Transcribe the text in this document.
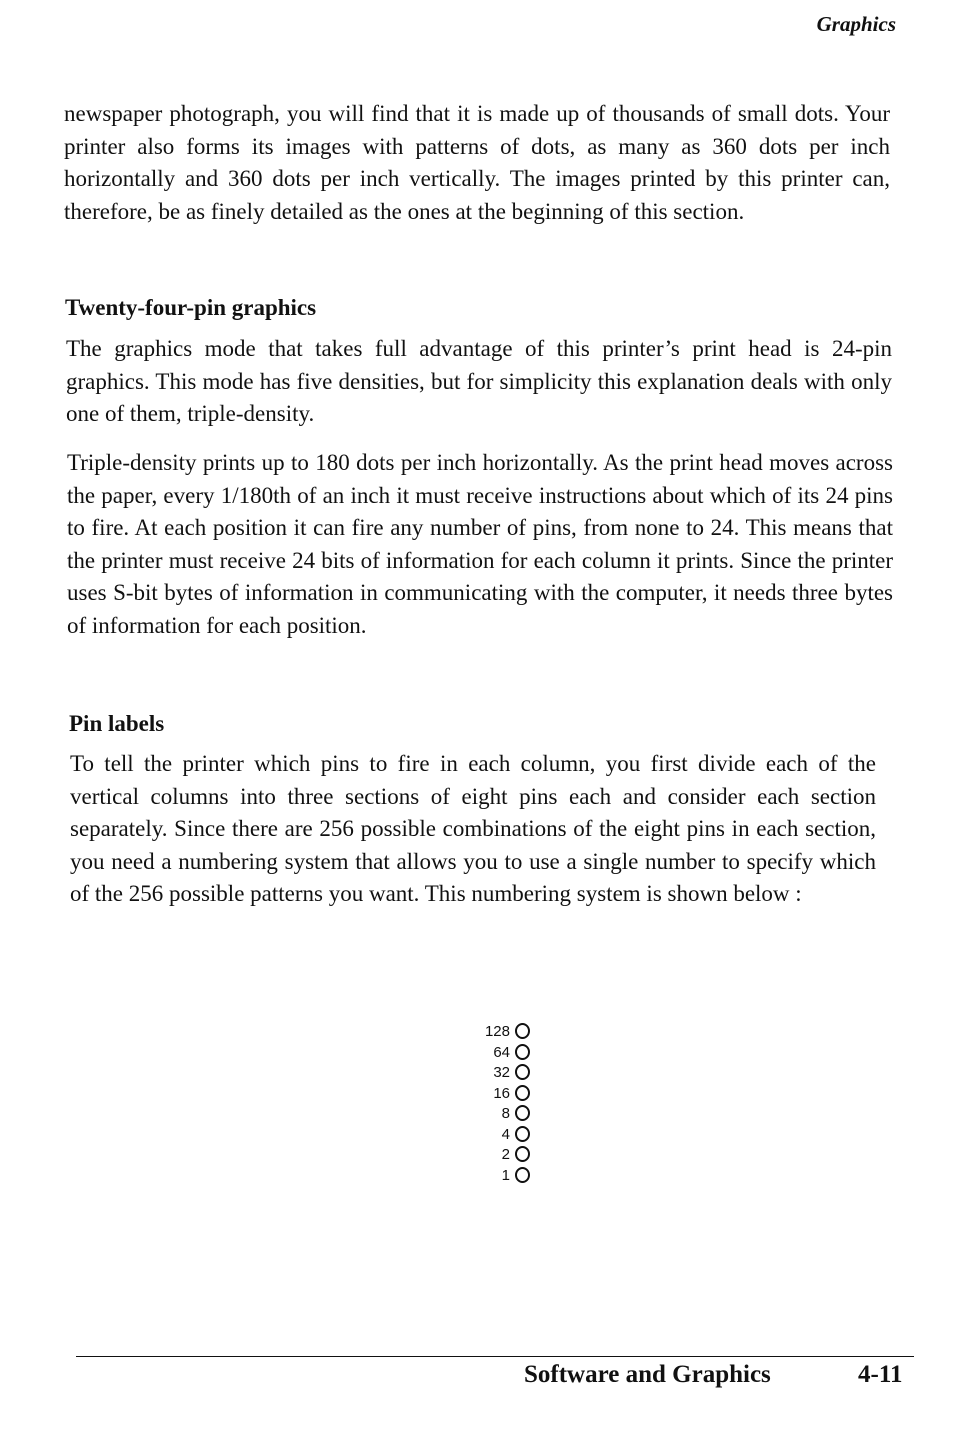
Graphics

newspaper photograph, you will find that it is made up of thousands of small dots. Your printer also forms its images with patterns of dots, as many as 360 dots per inch horizontally and 360 dots per inch vertically. The images printed by this printer can, therefore, be as finely detailed as the ones at the beginning of this section.

Twenty-four-pin graphics

The graphics mode that takes full advantage of this printer’s print head is 24-pin graphics. This mode has five densities, but for simplicity this explanation deals with only one of them, triple-density.

Triple-density prints up to 180 dots per inch horizontally. As the print head moves across the paper, every 1/180th of an inch it must receive instructions about which of its 24 pins to fire. At each position it can fire any number of pins, from none to 24. This means that the printer must receive 24 bits of information for each column it prints. Since the printer uses S-bit bytes of information in communicating with the computer, it needs three bytes of information for each position.

Pin labels

To tell the printer which pins to fire in each column, you first divide each of the vertical columns into three sections of eight pins each and consider each section separately. Since there are 256 possible combinations of the eight pins in each section, you need a numbering system that allows you to use a single number to specify which of the 256 possible patterns you want. This numbering system is shown below :

128
64
32
16
8
4
2
1
Software and Graphics	4-11
